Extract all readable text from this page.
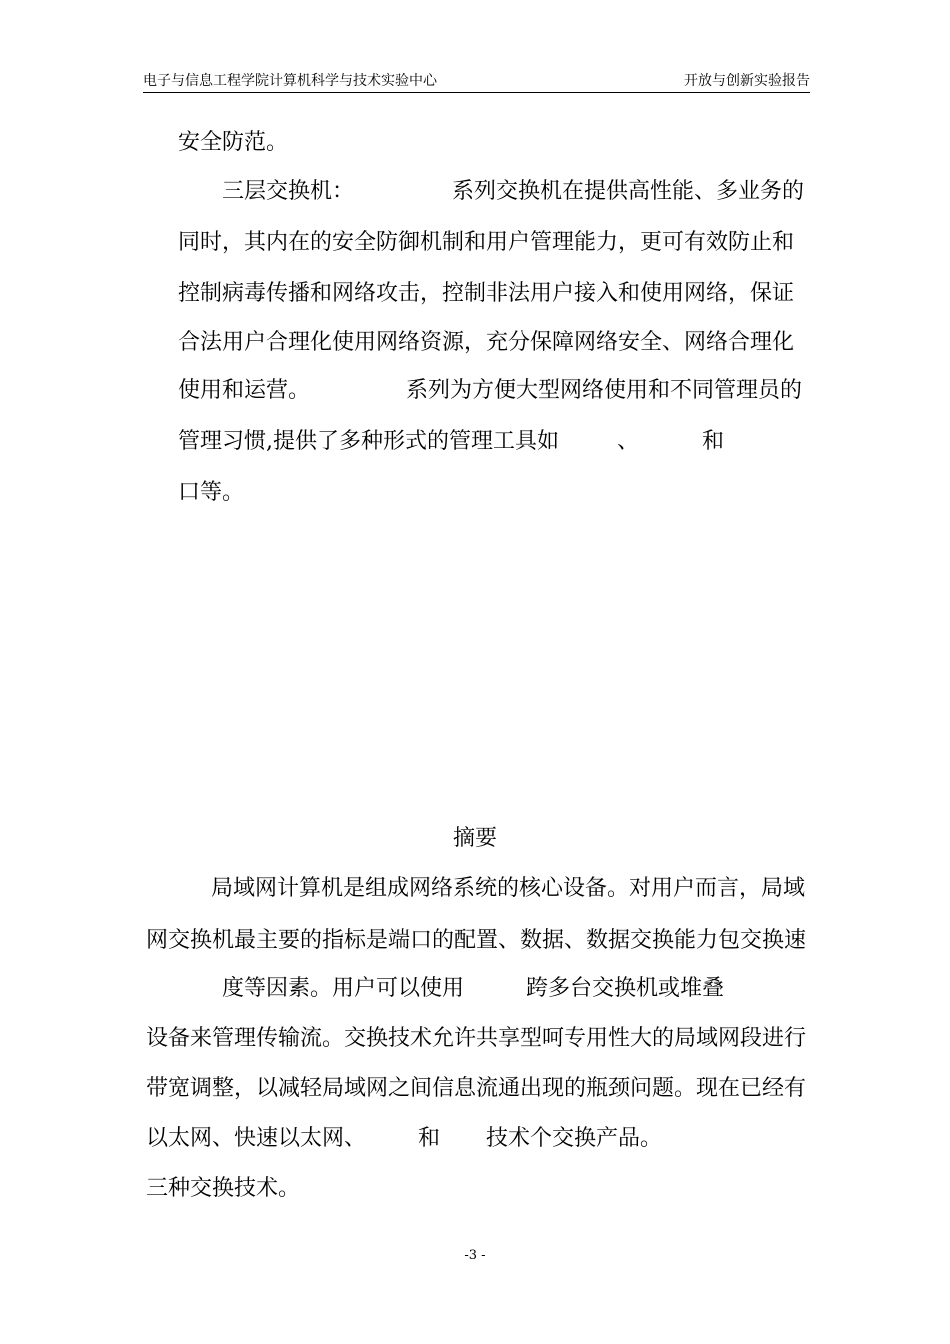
电子与信息工程学院计算机科学与技术实验中心	开放与创新实验报告
安全防范。
三层交换机：	系列交换机在提供高性能、多业务的
同时，其内在的安全防御机制和用户管理能力，更可有效防止和
控制病毒传播和网络攻击，控制非法用户接入和使用网络，保证
合法用户合理化使用网络资源，充分保障网络安全、网络合理化
使用和运营。	系列为方便大型网络使用和不同管理员的
管理习惯,提供了多种形式的管理工具如	、	和
口等。
摘要
局域网计算机是组成网络系统的核心设备。对用户而言，局域
网交换机最主要的指标是端口的配置、数据、数据交换能力包交换速
度等因素。用户可以使用	跨多台交换机或堆叠
设备来管理传输流。交换技术允许共享型呵专用性大的局域网段进行
带宽调整，以减轻局域网之间信息流通出现的瓶颈问题。现在已经有
以太网、快速以太网、 和 技术个交换产品。
三种交换技术。
-3 -
